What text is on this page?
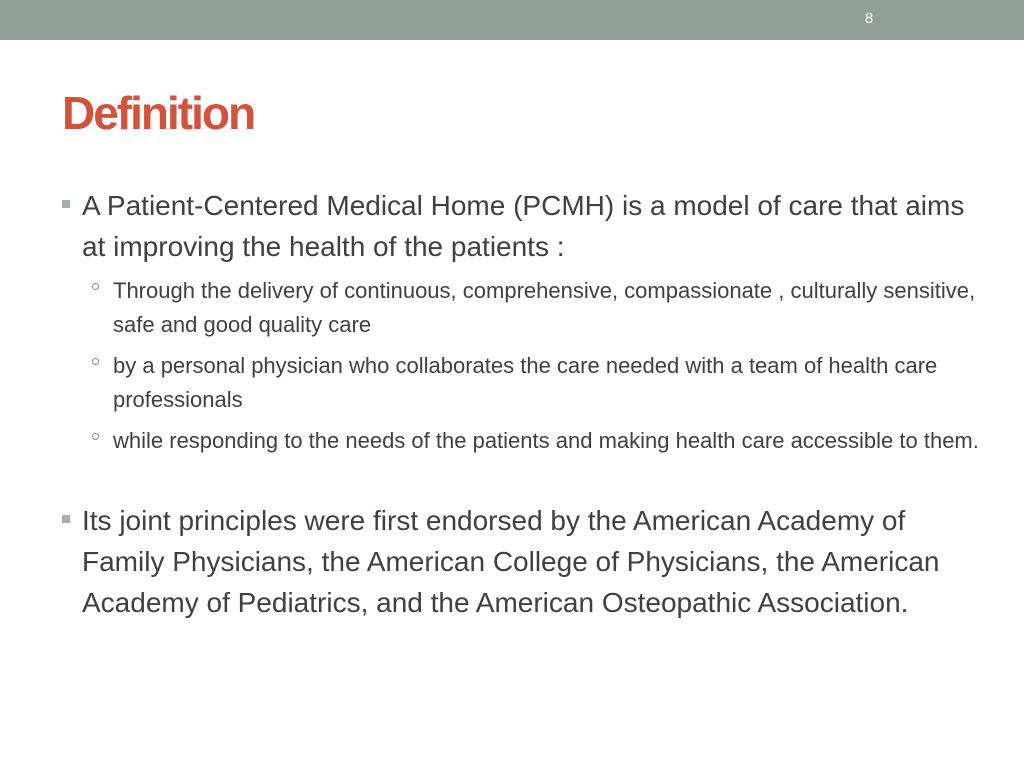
8
Definition
A Patient-Centered Medical Home (PCMH) is a model of care that aims at improving the health of the patients :
Through the delivery of continuous, comprehensive, compassionate , culturally sensitive, safe and good quality care
by a personal physician who collaborates the care needed with a team of health care professionals
while responding to the needs of the patients and making health care accessible to them.
Its joint principles were first endorsed by the American Academy of Family Physicians, the American College of Physicians, the American Academy of Pediatrics, and the American Osteopathic Association.
